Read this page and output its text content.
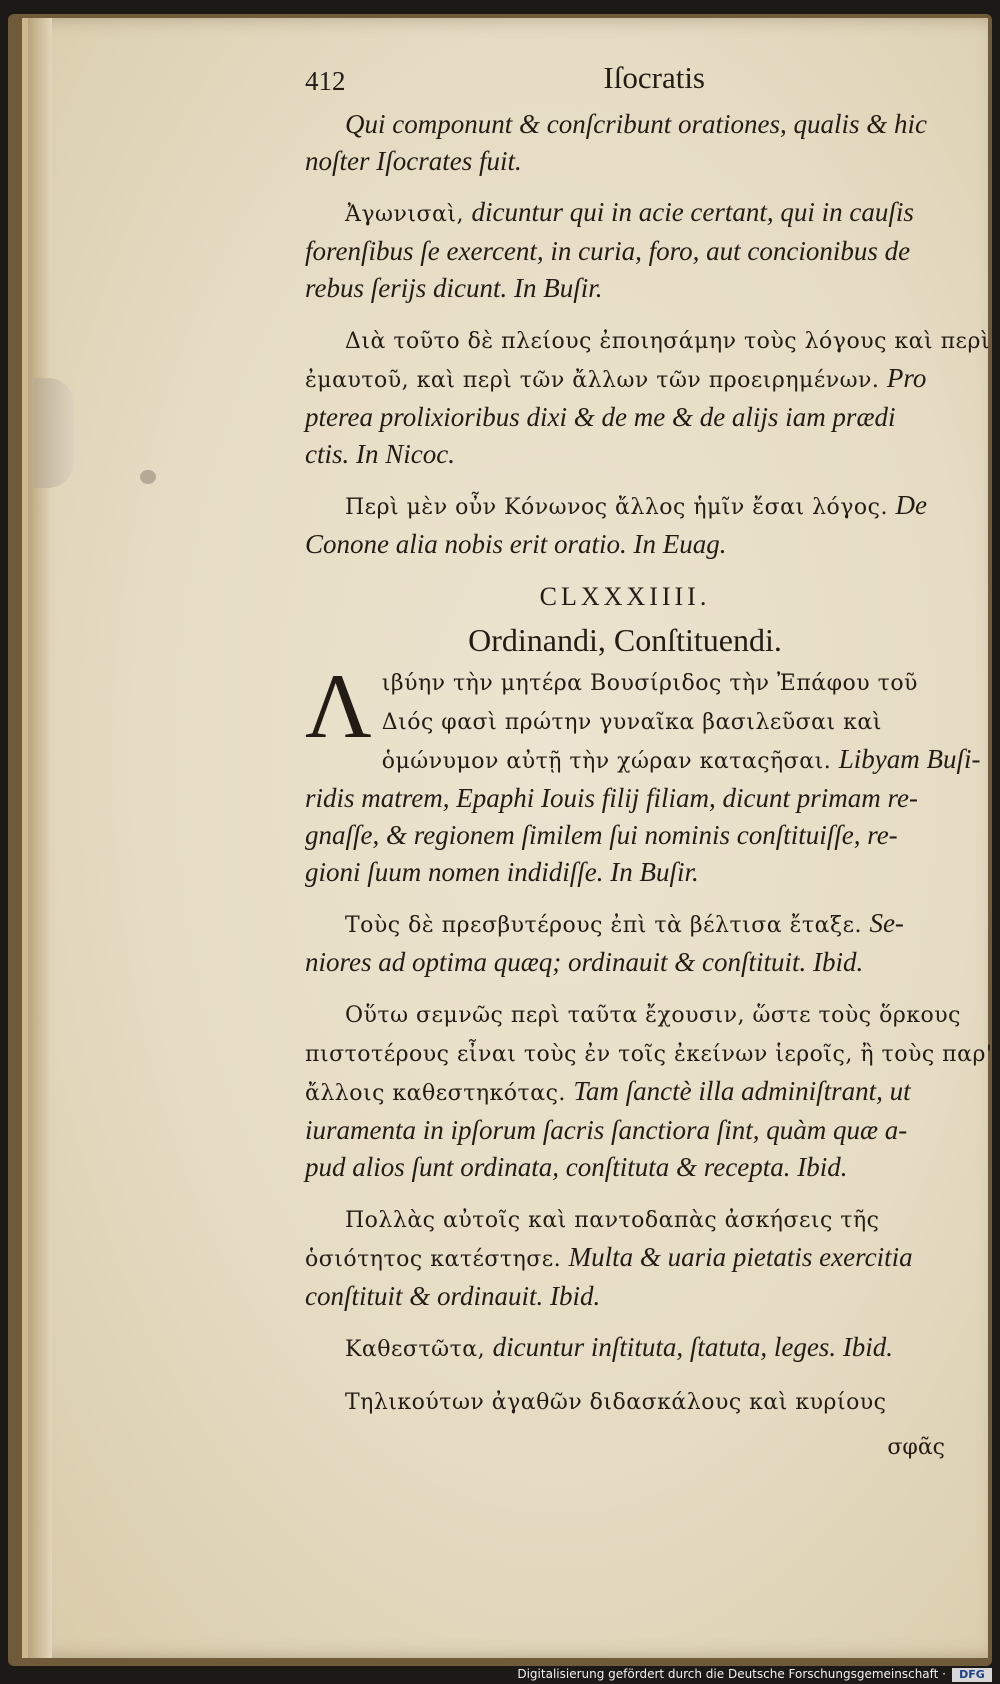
412	Iſocratis
Qui componunt & conſcribunt orationes, qualis & hic
noſter Iſocrates fuit.
Ἀγωνισαὶ, dicuntur qui in acie certant, qui in cauſis
forenſibus ſe exercent, in curia, foro, aut concionibus de
rebus ſerijs dicunt. In Buſir.
Διὰ τοῦτο δὲ πλείους ἐποιησάμην τοὺς λόγους καὶ περὶ
ἐμαυτοῦ, καὶ περὶ τῶν ἄλλων τῶν προειρημένων. Pro
pterea prolixioribus dixi & de me & de alijs iam prædi
ctis. In Nicoc.
Περὶ μὲν οὖν Κόνωνος ἄλλος ἡμῖν ἔσαι λόγος. De
Conone alia nobis erit oratio. In Euag.
CLXXXIIII.
Ordinandi, Conſtituendi.
Λ ιβύην τὴν μητέρα Βουσίριδος τὴν Ἐπάφου τοῦ
Διός φασὶ πρώτην γυναῖκα βασιλεῦσαι καὶ
ὁμώνυμον αὐτῇ τὴν χώραν καταςῆσαι. Libyam Buſi-
ridis matrem, Epaphi Iouis filij filiam, dicunt primam re-
gnaſſe, & regionem ſimilem ſui nominis conſtituiſſe, re-
gioni ſuum nomen indidiſſe. In Buſir.
Τοὺς δὲ πρεσβυτέρους ἐπὶ τὰ βέλτισα ἔταξε. Se-
niores ad optima quæq; ordinauit & conſtituit. Ibid.
Οὕτω σεμνῶς περὶ ταῦτα ἔχουσιν, ὥστε τοὺς ὅρκους
πιστοτέρους εἶναι τοὺς ἐν τοῖς ἐκείνων ἱεροῖς, ἢ τοὺς παρ'
ἄλλοις καθεστηκότας. Tam ſanctè illa adminiſtrant, ut
iuramenta in ipſorum ſacris ſanctiora ſint, quàm quæ a-
pud alios ſunt ordinata, conſtituta & recepta. Ibid.
Πολλὰς αὐτοῖς καὶ παντοδαπὰς ἀσκήσεις τῆς
ὁσιότητος κατέστησε. Multa & uaria pietatis exercitia
conſtituit & ordinauit. Ibid.
Καθεστῶτα, dicuntur inſtituta, ſtatuta, leges. Ibid.
Τηλικούτων ἀγαθῶν διδασκάλους καὶ κυρίους
σφᾶς
Digitalisierung gefördert durch die Deutsche Forschungsgemeinschaft ·	DFG
